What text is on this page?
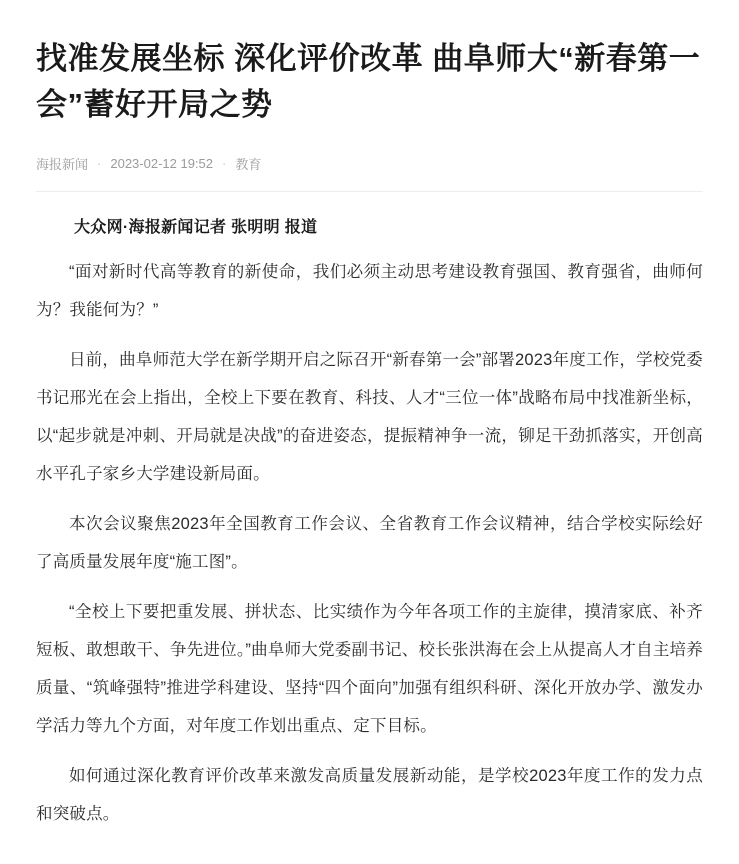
找准发展坐标 深化评价改革 曲阜师大“新春第一会”蓄好开局之势
海报新闻 · 2023-02-12 19:52 · 教育
大众网·海报新闻记者 张明明 报道

“面对新时代高等教育的新使命，我们必须主动思考建设教育强国、教育强省，曲师何为？我能何为？”

日前，曲阜师范大学在新学期开启之际召开“新春第一会”部署2023年度工作，学校党委书记邢光在会上指出，全校上下要在教育、科技、人才“三位一体”战略布局中找准新坐标，以“起步就是冲刺、开局就是决战”的奋进姿态，提振精神争一流，铆足干劲抓落实，开创高水平孔子家乡大学建设新局面。

本次会议聚焦2023年全国教育工作会议、全省教育工作会议精神，结合学校实际绘好了高质量发展年度“施工图”。

“全校上下要把重发展、拼状态、比实绩作为今年各项工作的主旋律，摸清家底、补齐短板、敢想敢干、争先进位。”曲阜师大党委副书记、校长张洪海在会上从提高人才自主培养质量、“筑峰强特”推进学科建设、坚持“四个面向”加强有组织科研、深化开放办学、激发办学活力等九个方面，对年度工作划出重点、定下目标。

如何通过深化教育评价改革来激发高质量发展新动能，是学校2023年度工作的发力点和突破点。
